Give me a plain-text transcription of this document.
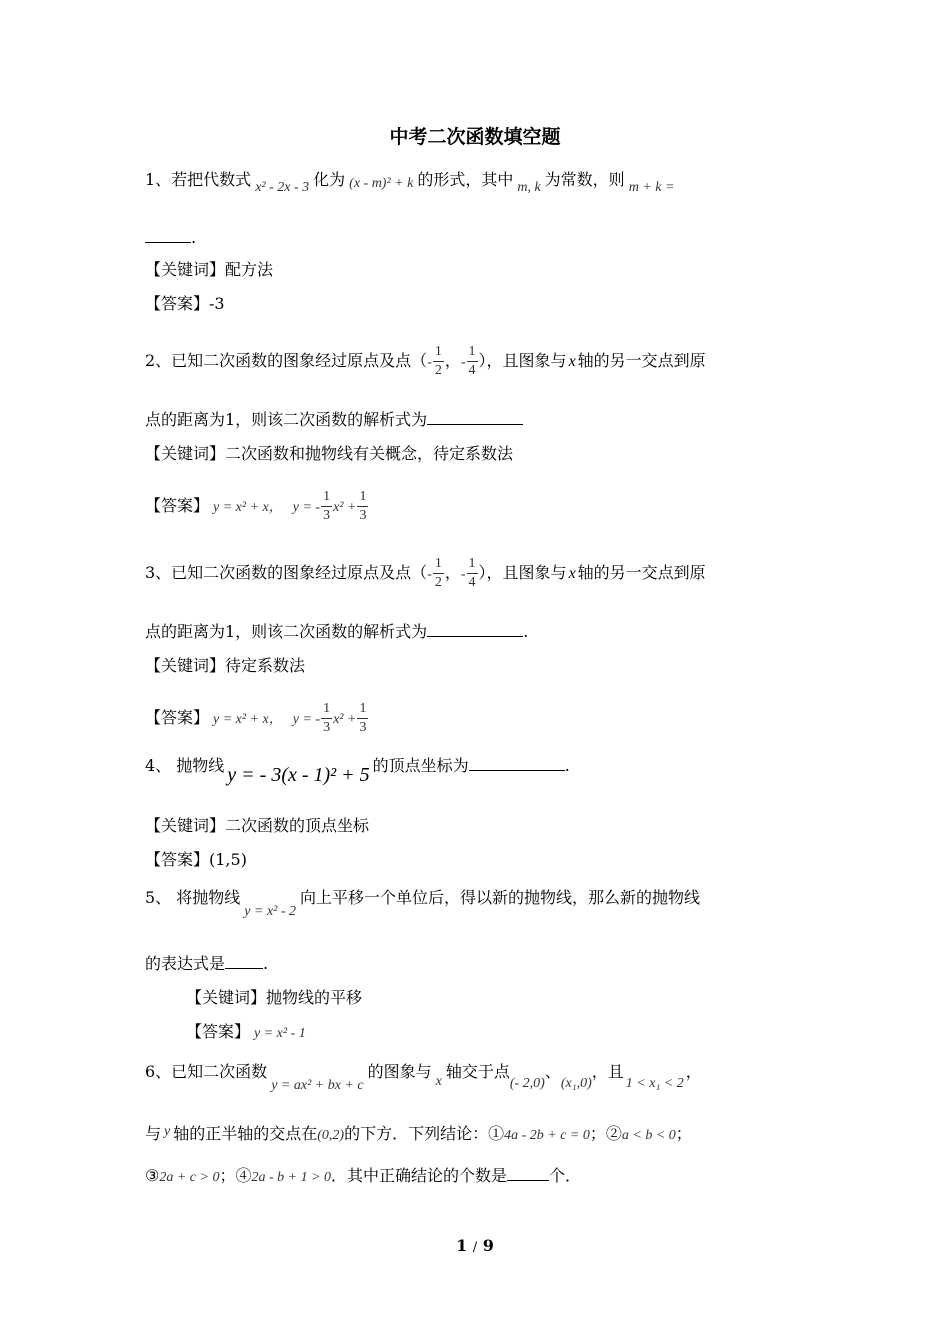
中考二次函数填空题
1、若把代数式 x² - 2x - 3 化为 (x - m)² + k 的形式，其中 m, k 为常数，则 m + k =
.
【关键词】配方法
【答案】-3
2、已知二次函数的图象经过原点及点（- $\frac{1}{2}$ ，- $\frac{1}{4}$ ），且图象与 x 轴的另一交点到原
点的距离为1，则该二次函数的解析式为
【关键词】二次函数和抛物线有关概念，待定系数法
【答案】 y = x² + x， y = - $\frac{1}{3} x^2 + \frac{1}{3}$
3、已知二次函数的图象经过原点及点（- $\frac{1}{2}$ ，- $\frac{1}{4}$ ），且图象与 x 轴的另一交点到原
点的距离为1，则该二次函数的解析式为	.
【关键词】待定系数法
【答案】 y = x² + x， y = - $\frac{1}{3} x^2 + \frac{1}{3}$
4、 抛物线 y = - 3(x - 1)² + 5 的顶点坐标为	.
【关键词】二次函数的顶点坐标
【答案】(1,5)
5、 将抛物线y = x² - 2向上平移一个单位后，得以新的抛物线，那么新的抛物线
的表达式是 .
【关键词】抛物线的平移
【答案】 y = x² - 1
6、已知二次函数y = ax² + bx + c的图象与x轴交于点(- 2,0)、(x₁,0)，且1 < x₁ < 2，
与 y 轴的正半轴的交点在(0,2)的下方．下列结论：①4a - 2b + c = 0；②a < b < 0；
③2a + c > 0；④2a - b + 1 > 0．其中正确结论的个数是	个．
1 / 9
